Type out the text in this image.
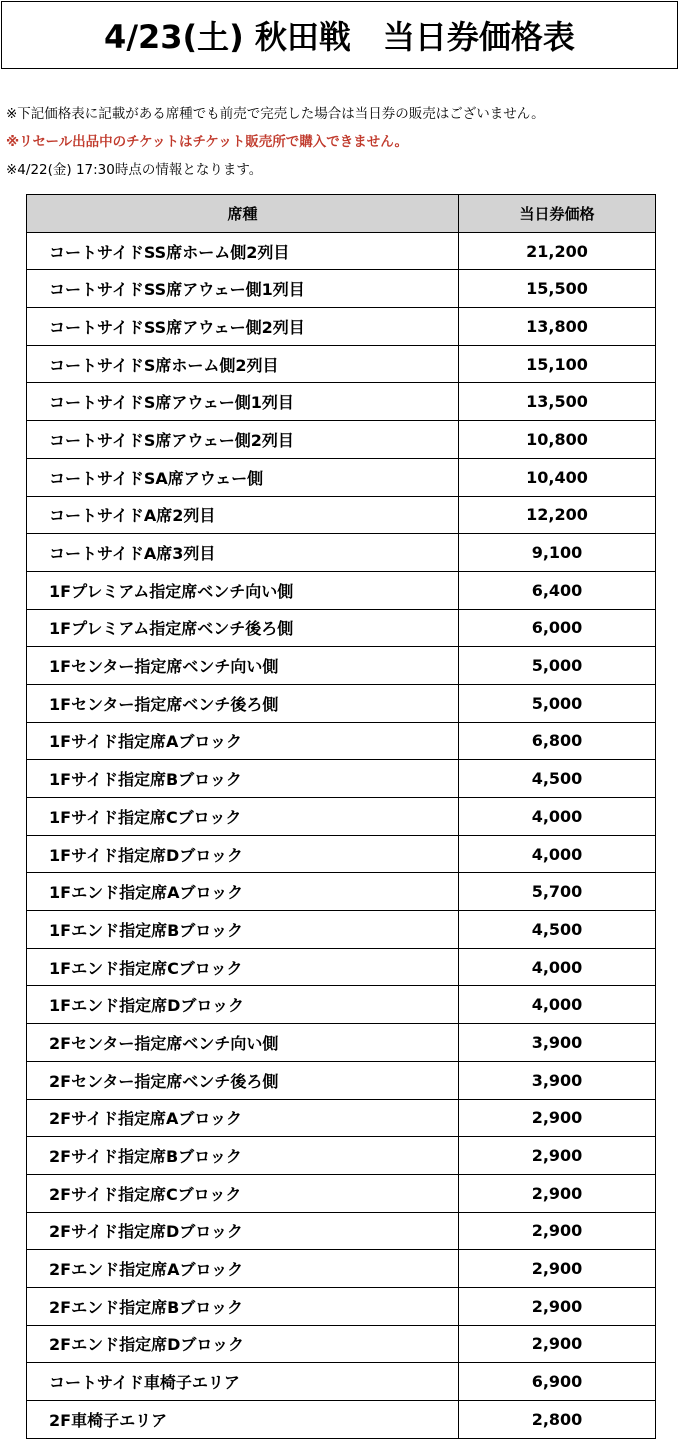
4/23(土) 秋田戦　当日券価格表
※下記価格表に記載がある席種でも前売で完売した場合は当日券の販売はございません。
※リセール出品中のチケットはチケット販売所で購入できません。
※4/22(金) 17:30時点の情報となります。
席種	当日券価格
コートサイドSS席ホーム側2列目	21,200
コートサイドSS席アウェー側1列目	15,500
コートサイドSS席アウェー側2列目	13,800
コートサイドS席ホーム側2列目	15,100
コートサイドS席アウェー側1列目	13,500
コートサイドS席アウェー側2列目	10,800
コートサイドSA席アウェー側	10,400
コートサイドA席2列目	12,200
コートサイドA席3列目	9,100
1Fプレミアム指定席ベンチ向い側	6,400
1Fプレミアム指定席ベンチ後ろ側	6,000
1Fセンター指定席ベンチ向い側	5,000
1Fセンター指定席ベンチ後ろ側	5,000
1Fサイド指定席Aブロック	6,800
1Fサイド指定席Bブロック	4,500
1Fサイド指定席Cブロック	4,000
1Fサイド指定席Dブロック	4,000
1Fエンド指定席Aブロック	5,700
1Fエンド指定席Bブロック	4,500
1Fエンド指定席Cブロック	4,000
1Fエンド指定席Dブロック	4,000
2Fセンター指定席ベンチ向い側	3,900
2Fセンター指定席ベンチ後ろ側	3,900
2Fサイド指定席Aブロック	2,900
2Fサイド指定席Bブロック	2,900
2Fサイド指定席Cブロック	2,900
2Fサイド指定席Dブロック	2,900
2Fエンド指定席Aブロック	2,900
2Fエンド指定席Bブロック	2,900
2Fエンド指定席Dブロック	2,900
コートサイド車椅子エリア	6,900
2F車椅子エリア	2,800
